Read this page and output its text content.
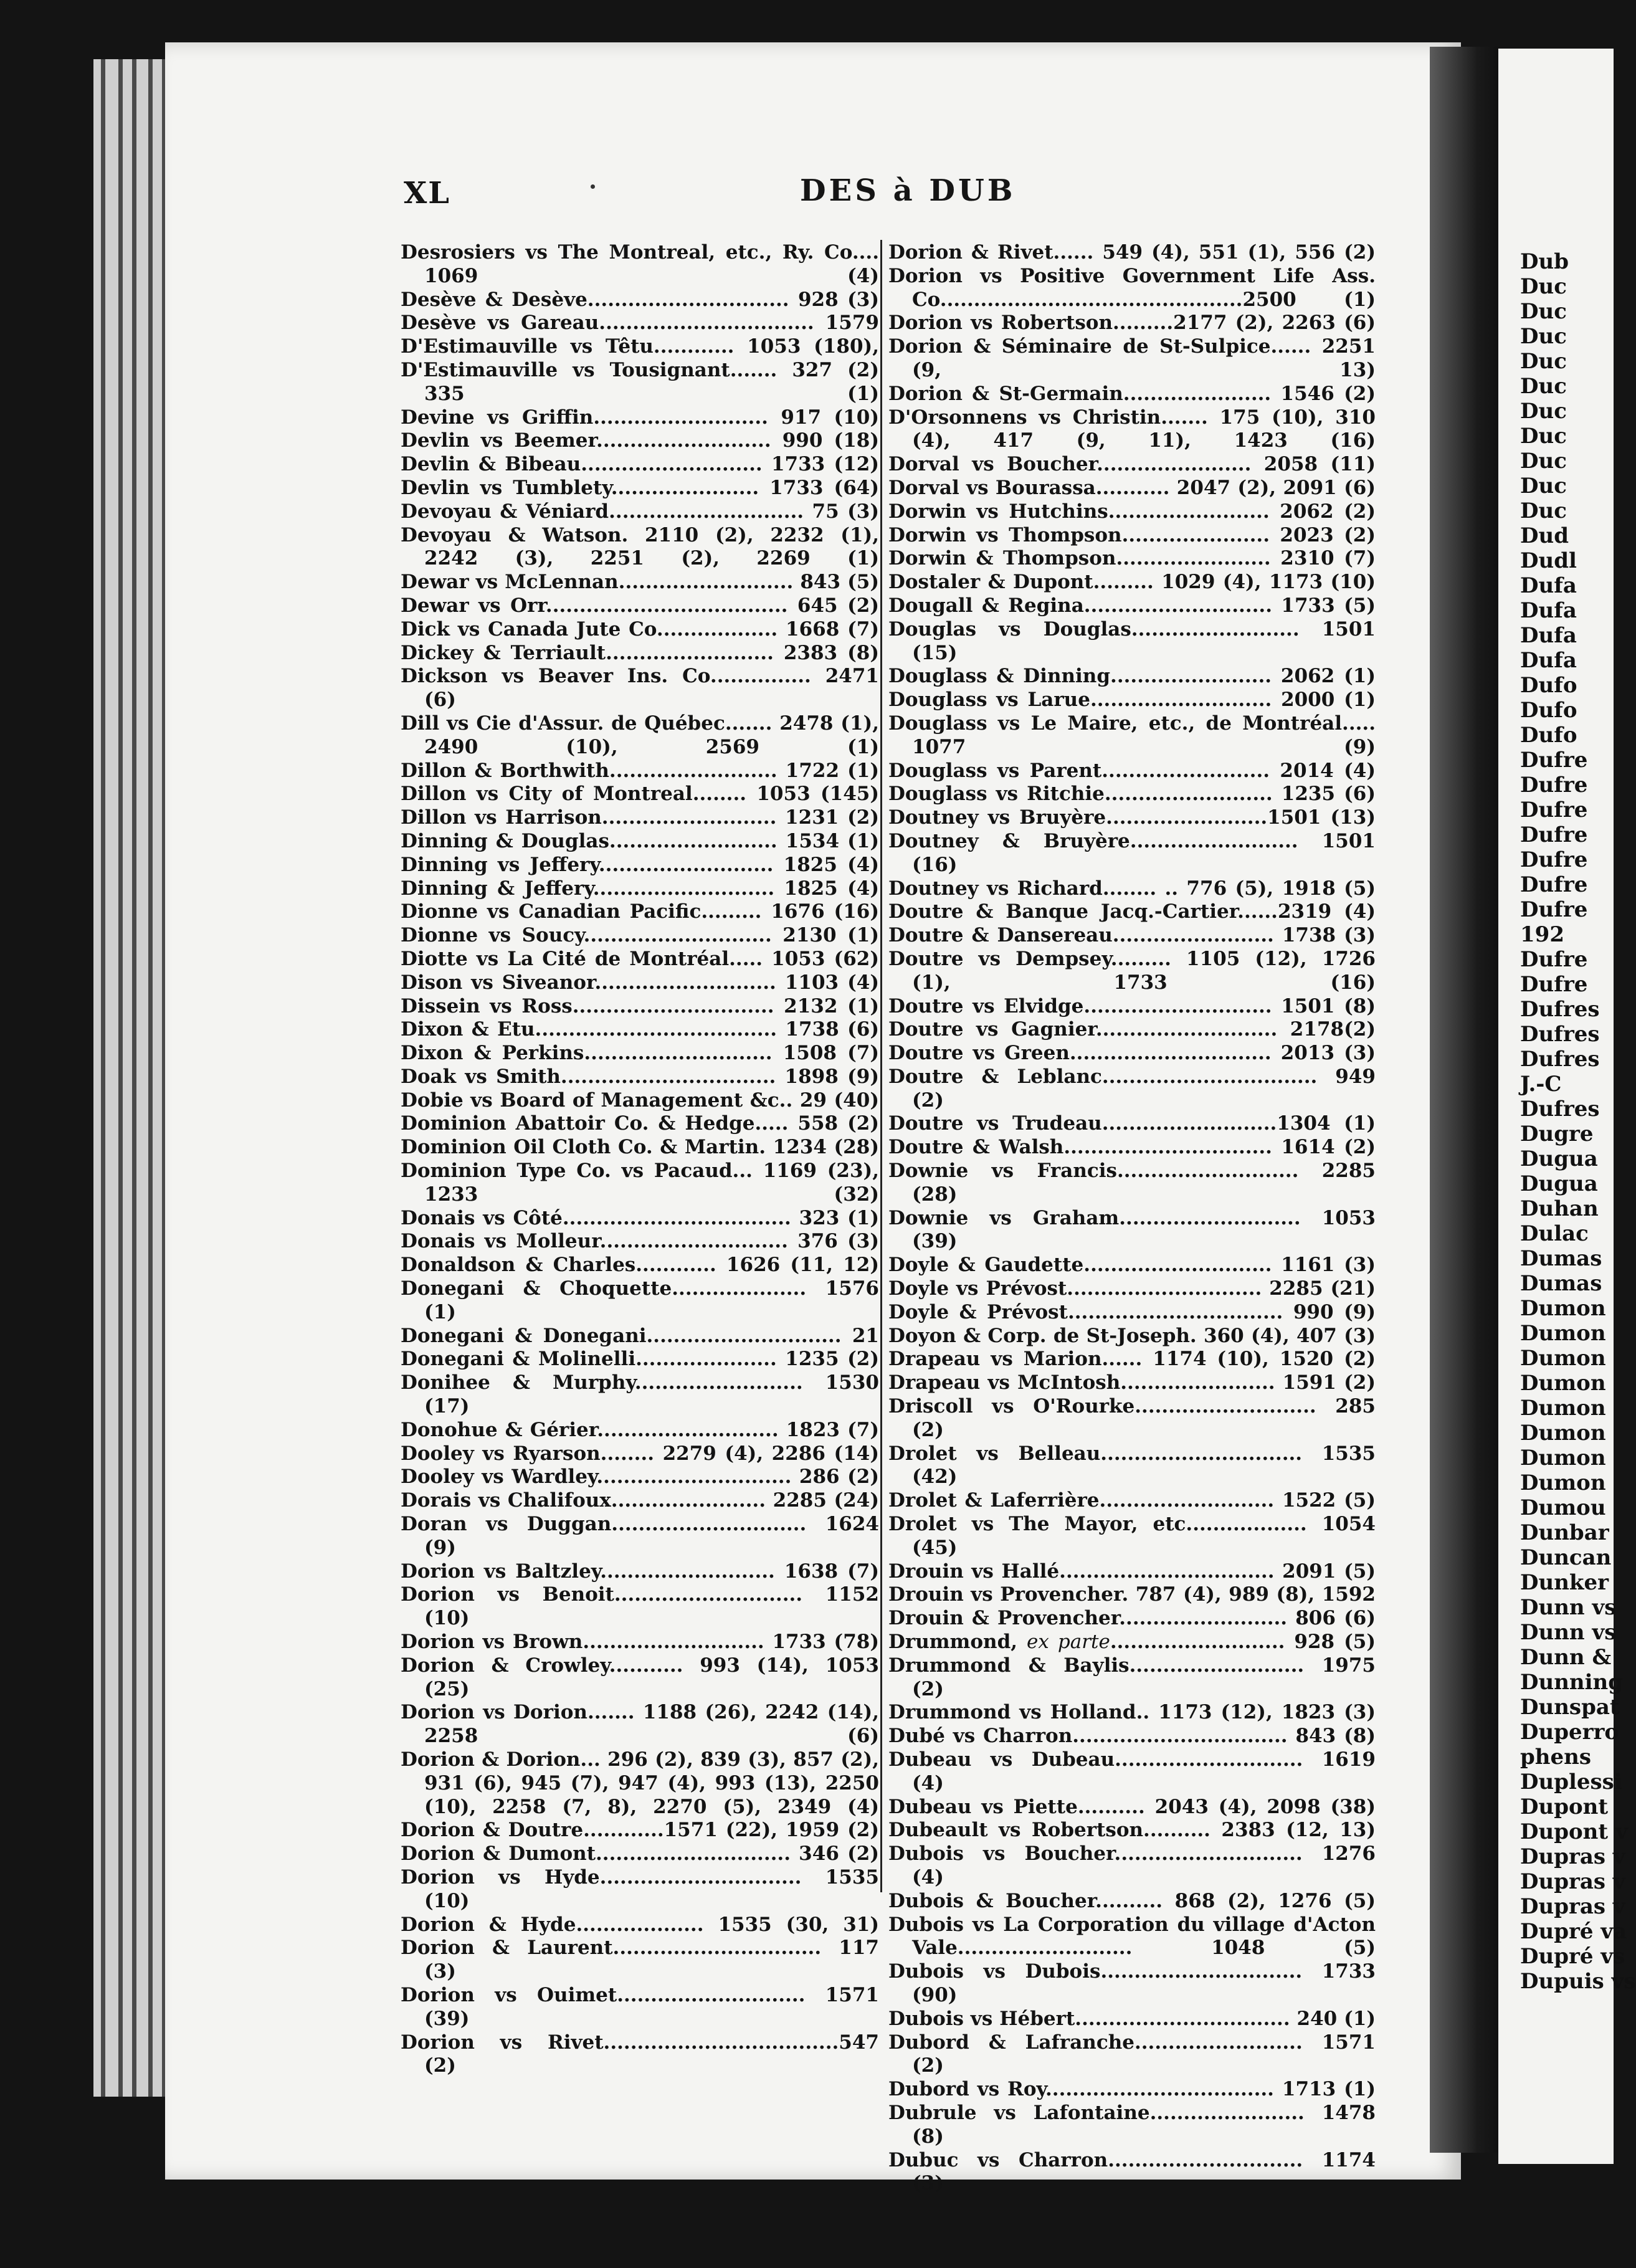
Dub
Duc
Duc
Duc
Duc
Duc
Duc
Duc
Duc
Duc
Duc
Dud
Dudl
Dufa
Dufa
Dufa
Dufa
Dufo
Dufo
Dufo
Dufre
Dufre
Dufre
Dufre
Dufre
Dufre
Dufre
192
Dufre
Dufre
Dufres
Dufres
Dufres
J.-C
Dufres
Dugre
Dugua
Dugua
Duhan
Dulac
Dumas
Dumas
Dumon
Dumon
Dumon
Dumon
Dumon
Dumon
Dumon
Dumon
Dumou
Dunbar
Duncan
Dunker
Dunn vs
Dunn vs
Dunn &
Dunning
Dunspat
Duperro
phens
Duplessi
Dupont
Dupont v
Dupras v
Dupras v
Dupras v
Dupré va
Dupré vs
Dupuis vs
XL	DES à DUB
Desrosiers vs The Montreal, etc., Ry. Co.... 1069 (4)
Desève & Desève.............................. 928 (3)
Desève vs Gareau................................ 1579
D'Estimauville vs Têtu............ 1053 (180),
D'Estimauville vs Tousignant....... 327 (2) 335 (1)
Devine vs Griffin.......................... 917 (10)
Devlin vs Beemer.......................... 990 (18)
Devlin & Bibeau........................... 1733 (12)
Devlin vs Tumblety...................... 1733 (64)
Devoyau & Véniard............................. 75 (3)
Devoyau & Watson. 2110 (2), 2232 (1), 2242 (3), 2251 (2), 2269 (1)
Dewar vs McLennan.......................... 843 (5)
Dewar vs Orr.................................... 645 (2)
Dick vs Canada Jute Co.................. 1668 (7)
Dickey & Terriault......................... 2383 (8)
Dickson vs Beaver Ins. Co............... 2471 (6)
Dill vs Cie d'Assur. de Québec....... 2478 (1), 2490 (10), 2569 (1)
Dillon & Borthwith......................... 1722 (1)
Dillon vs City of Montreal........ 1053 (145)
Dillon vs Harrison.......................... 1231 (2)
Dinning & Douglas......................... 1534 (1)
Dinning vs Jeffery.......................... 1825 (4)
Dinning & Jeffery........................... 1825 (4)
Dionne vs Canadian Pacific......... 1676 (16)
Dionne vs Soucy............................ 2130 (1)
Diotte vs La Cité de Montréal..... 1053 (62)
Dison vs Siveanor........................... 1103 (4)
Dissein vs Ross.............................. 2132 (1)
Dixon & Etu.................................... 1738 (6)
Dixon & Perkins............................ 1508 (7)
Doak vs Smith................................ 1898 (9)
Dobie vs Board of Management &c.. 29 (40)
Dominion Abattoir Co. & Hedge..... 558 (2)
Dominion Oil Cloth Co. & Martin. 1234 (28)
Dominion Type Co. vs Pacaud... 1169 (23), 1233 (32)
Donais vs Côté.................................. 323 (1)
Donais vs Molleur............................ 376 (3)
Donaldson & Charles............ 1626 (11, 12)
Donegani & Choquette.................... 1576 (1)
Donegani & Donegani............................. 21
Donegani & Molinelli..................... 1235 (2)
Donihee & Murphy......................... 1530 (17)
Donohue & Gérier........................... 1823 (7)
Dooley vs Ryarson........ 2279 (4), 2286 (14)
Dooley vs Wardley............................. 286 (2)
Dorais vs Chalifoux....................... 2285 (24)
Doran vs Duggan............................. 1624 (9)
Dorion vs Baltzley.......................... 1638 (7)
Dorion vs Benoit............................ 1152 (10)
Dorion vs Brown........................... 1733 (78)
Dorion & Crowley........... 993 (14), 1053 (25)
Dorion vs Dorion....... 1188 (26), 2242 (14), 2258 (6)
Dorion & Dorion... 296 (2), 839 (3), 857 (2), 931 (6), 945 (7), 947 (4), 993 (13), 2250 (10), 2258 (7, 8), 2270 (5), 2349 (4)
Dorion & Doutre............1571 (22), 1959 (2)
Dorion & Dumont............................. 346 (2)
Dorion vs Hyde.............................. 1535 (10)
Dorion & Hyde................... 1535 (30, 31)
Dorion & Laurent............................... 117 (3)
Dorion vs Ouimet............................ 1571 (39)
Dorion vs Rivet...................................547 (2)
Dorion & Rivet...... 549 (4), 551 (1), 556 (2)
Dorion vs Positive Government Life Ass. Co.............................................2500 (1)
Dorion vs Robertson.........2177 (2), 2263 (6)
Dorion & Séminaire de St-Sulpice...... 2251 (9, 13)
Dorion & St-Germain...................... 1546 (2)
D'Orsonnens vs Christin....... 175 (10), 310 (4), 417 (9, 11), 1423 (16)
Dorval vs Boucher....................... 2058 (11)
Dorval vs Bourassa........... 2047 (2), 2091 (6)
Dorwin vs Hutchins........................ 2062 (2)
Dorwin vs Thompson...................... 2023 (2)
Dorwin & Thompson....................... 2310 (7)
Dostaler & Dupont......... 1029 (4), 1173 (10)
Dougall & Regina............................ 1733 (5)
Douglas vs Douglas......................... 1501 (15)
Douglass & Dinning........................ 2062 (1)
Douglass vs Larue........................... 2000 (1)
Douglass vs Le Maire, etc., de Montréal..... 1077 (9)
Douglass vs Parent......................... 2014 (4)
Douglass vs Ritchie......................... 1235 (6)
Doutney vs Bruyère........................1501 (13)
Doutney & Bruyère......................... 1501 (16)
Doutney vs Richard........ .. 776 (5), 1918 (5)
Doutre & Banque Jacq.-Cartier......2319 (4)
Doutre & Dansereau........................ 1738 (3)
Doutre vs Dempsey......... 1105 (12), 1726 (1), 1733 (16)
Doutre vs Elvidge............................ 1501 (8)
Doutre vs Gagnier........................... 2178(2)
Doutre vs Green.............................. 2013 (3)
Doutre & Leblanc................................ 949 (2)
Doutre vs Trudeau..........................1304 (1)
Doutre & Walsh............................... 1614 (2)
Downie vs Francis........................... 2285 (28)
Downie vs Graham........................... 1053 (39)
Doyle & Gaudette............................ 1161 (3)
Doyle vs Prévost............................. 2285 (21)
Doyle & Prévost................................ 990 (9)
Doyon & Corp. de St-Joseph. 360 (4), 407 (3)
Drapeau vs Marion...... 1174 (10), 1520 (2)
Drapeau vs McIntosh....................... 1591 (2)
Driscoll vs O'Rourke........................... 285 (2)
Drolet vs Belleau.............................. 1535 (42)
Drolet & Laferrière.......................... 1522 (5)
Drolet vs The Mayor, etc.................. 1054 (45)
Drouin vs Hallé................................ 2091 (5)
Drouin vs Provencher. 787 (4), 989 (8), 1592
Drouin & Provencher......................... 806 (6)
Drummond, ex parte.......................... 928 (5)
Drummond & Baylis.......................... 1975 (2)
Drummond vs Holland.. 1173 (12), 1823 (3)
Dubé vs Charron................................ 843 (8)
Dubeau vs Dubeau............................ 1619 (4)
Dubeau vs Piette.......... 2043 (4), 2098 (38)
Dubeault vs Robertson.......... 2383 (12, 13)
Dubois vs Boucher............................ 1276 (4)
Dubois & Boucher.......... 868 (2), 1276 (5)
Dubois vs La Corporation du village d'Acton Vale.......................... 1048 (5)
Dubois vs Dubois.............................. 1733 (90)
Dubois vs Hébert................................ 240 (1)
Dubord & Lafranche......................... 1571 (2)
Dubord vs Roy.................................. 1713 (1)
Dubrule vs Lafontaine....................... 1478 (8)
Dubuc vs Charron............................. 1174 (3)
